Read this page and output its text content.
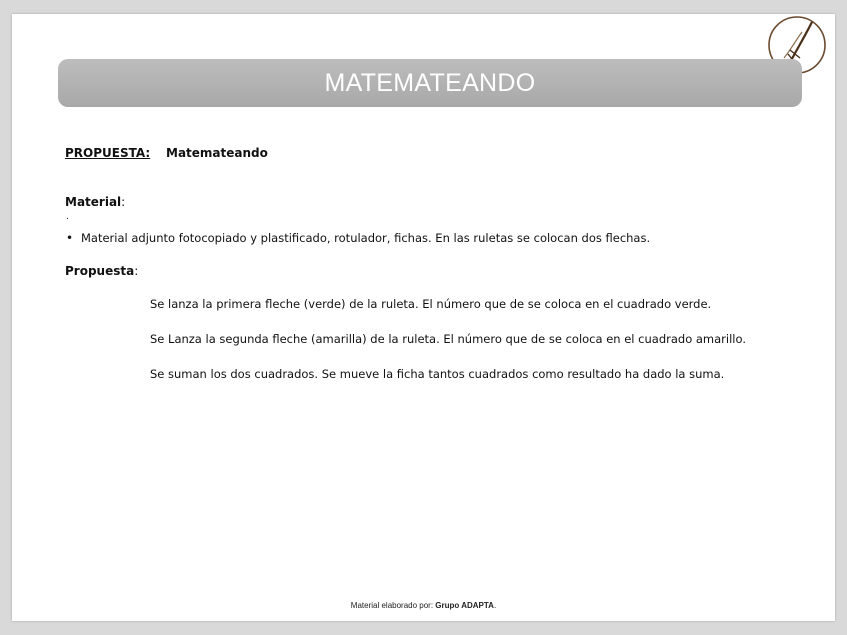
MATEMATEANDO
PROPUESTA: Matemateando
Material:
.
• Material adjunto fotocopiado y plastificado, rotulador, fichas. En las ruletas se colocan dos flechas.
Propuesta:
Se lanza la primera fleche (verde) de la ruleta. El número que de se coloca en el cuadrado verde.
Se Lanza la segunda fleche (amarilla) de la ruleta. El número que de se coloca en el cuadrado amarillo.
Se suman los dos cuadrados. Se mueve la ficha tantos cuadrados como resultado ha dado la suma.
Material elaborado por: Grupo ADAPTA.
